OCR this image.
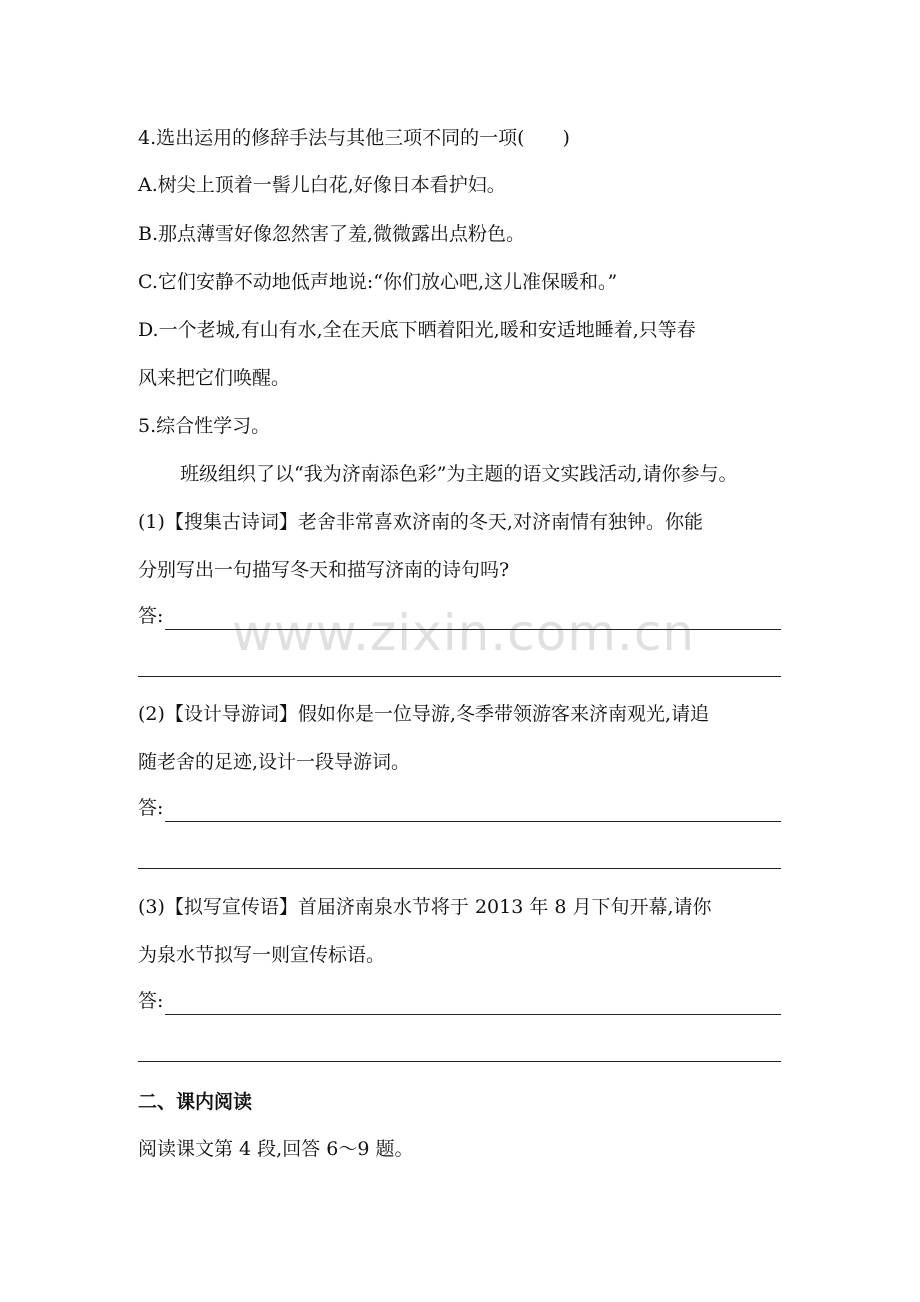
www.zixin.com.cn
4.选出运用的修辞手法与其他三项不同的一项(　　)
A.树尖上顶着一髻儿白花,好像日本看护妇。
B.那点薄雪好像忽然害了羞,微微露出点粉色。
C.它们安静不动地低声地说:“你们放心吧,这儿准保暖和。”
D.一个老城,有山有水,全在天底下晒着阳光,暖和安适地睡着,只等春
风来把它们唤醒。
5.综合性学习。
班级组织了以“我为济南添色彩”为主题的语文实践活动,请你参与。
(1)【搜集古诗词】老舍非常喜欢济南的冬天,对济南情有独钟。你能
分别写出一句描写冬天和描写济南的诗句吗?
答:
(2)【设计导游词】假如你是一位导游,冬季带领游客来济南观光,请追
随老舍的足迹,设计一段导游词。
答:
(3)【拟写宣传语】首届济南泉水节将于 2013 年 8 月下旬开幕,请你
为泉水节拟写一则宣传标语。
答:
二、课内阅读
阅读课文第 4 段,回答 6～9 题。
